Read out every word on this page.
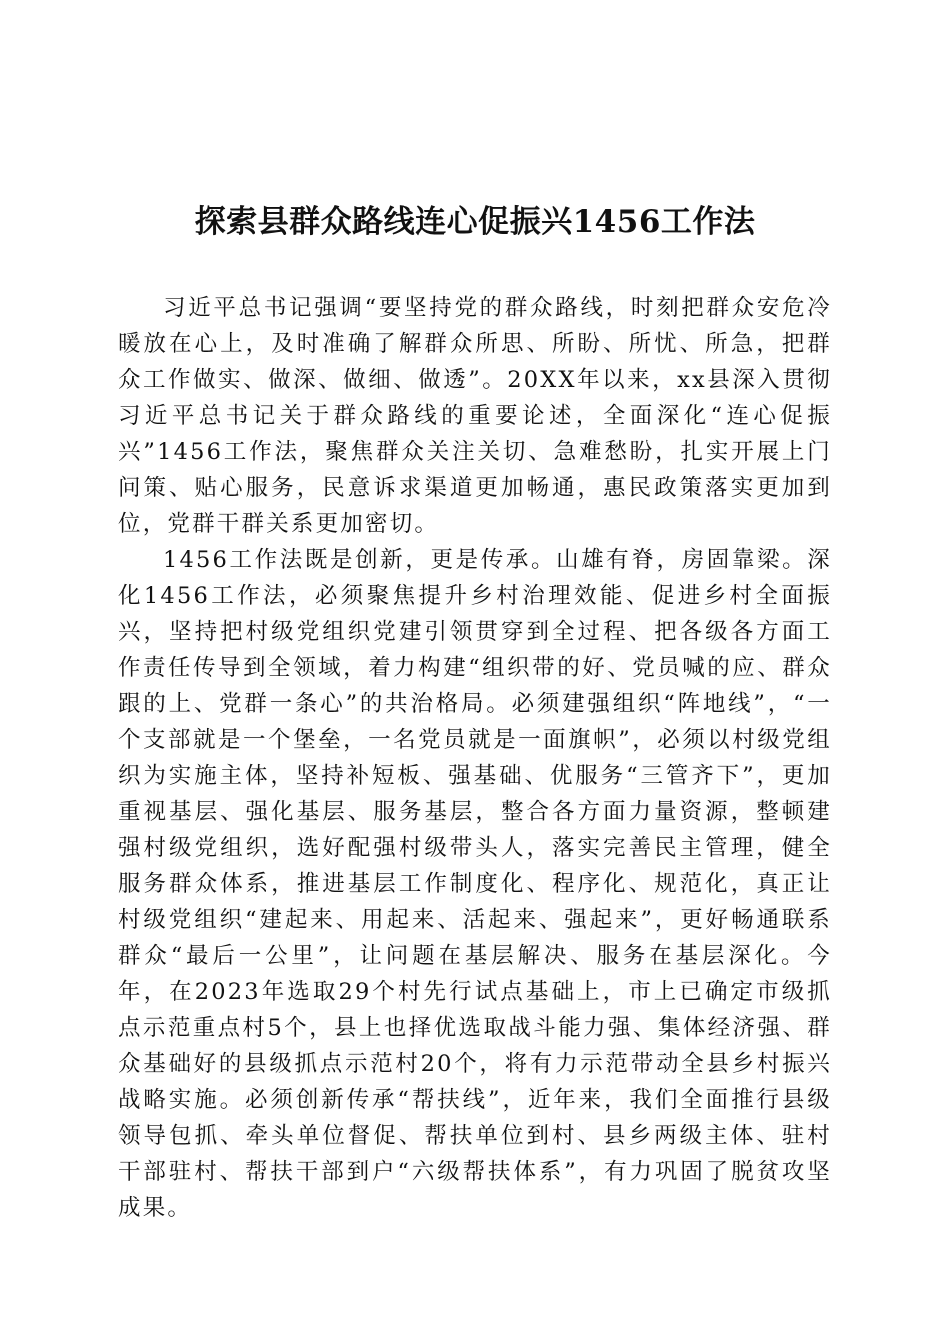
探索县群众路线连心促振兴1456工作法

习近平总书记强调“要坚持党的群众路线，时刻把群众安危冷暖放在心上，及时准确了解群众所思、所盼、所忧、所急，把群众工作做实、做深、做细、做透”。20XX年以来，xx县深入贯彻习近平总书记关于群众路线的重要论述，全面深化“连心促振兴”1456工作法，聚焦群众关注关切、急难愁盼，扎实开展上门问策、贴心服务，民意诉求渠道更加畅通，惠民政策落实更加到位，党群干群关系更加密切。

1456工作法既是创新，更是传承。山雄有脊，房固靠梁。深化1456工作法，必须聚焦提升乡村治理效能、促进乡村全面振兴，坚持把村级党组织党建引领贯穿到全过程、把各级各方面工作责任传导到全领域，着力构建“组织带的好、党员喊的应、群众跟的上、党群一条心”的共治格局。必须建强组织“阵地线”，“一个支部就是一个堡垒，一名党员就是一面旗帜”，必须以村级党组织为实施主体，坚持补短板、强基础、优服务“三管齐下”，更加重视基层、强化基层、服务基层，整合各方面力量资源，整顿建强村级党组织，选好配强村级带头人，落实完善民主管理，健全服务群众体系，推进基层工作制度化、程序化、规范化，真正让村级党组织“建起来、用起来、活起来、强起来”，更好畅通联系群众“最后一公里”，让问题在基层解决、服务在基层深化。今年，在2023年选取29个村先行试点基础上，市上已确定市级抓点示范重点村5个，县上也择优选取战斗能力强、集体经济强、群众基础好的县级抓点示范村20个，将有力示范带动全县乡村振兴战略实施。必须创新传承“帮扶线”，近年来，我们全面推行县级领导包抓、牵头单位督促、帮扶单位到村、县乡两级主体、驻村干部驻村、帮扶干部到户“六级帮扶体系”，有力巩固了脱贫攻坚成果。
